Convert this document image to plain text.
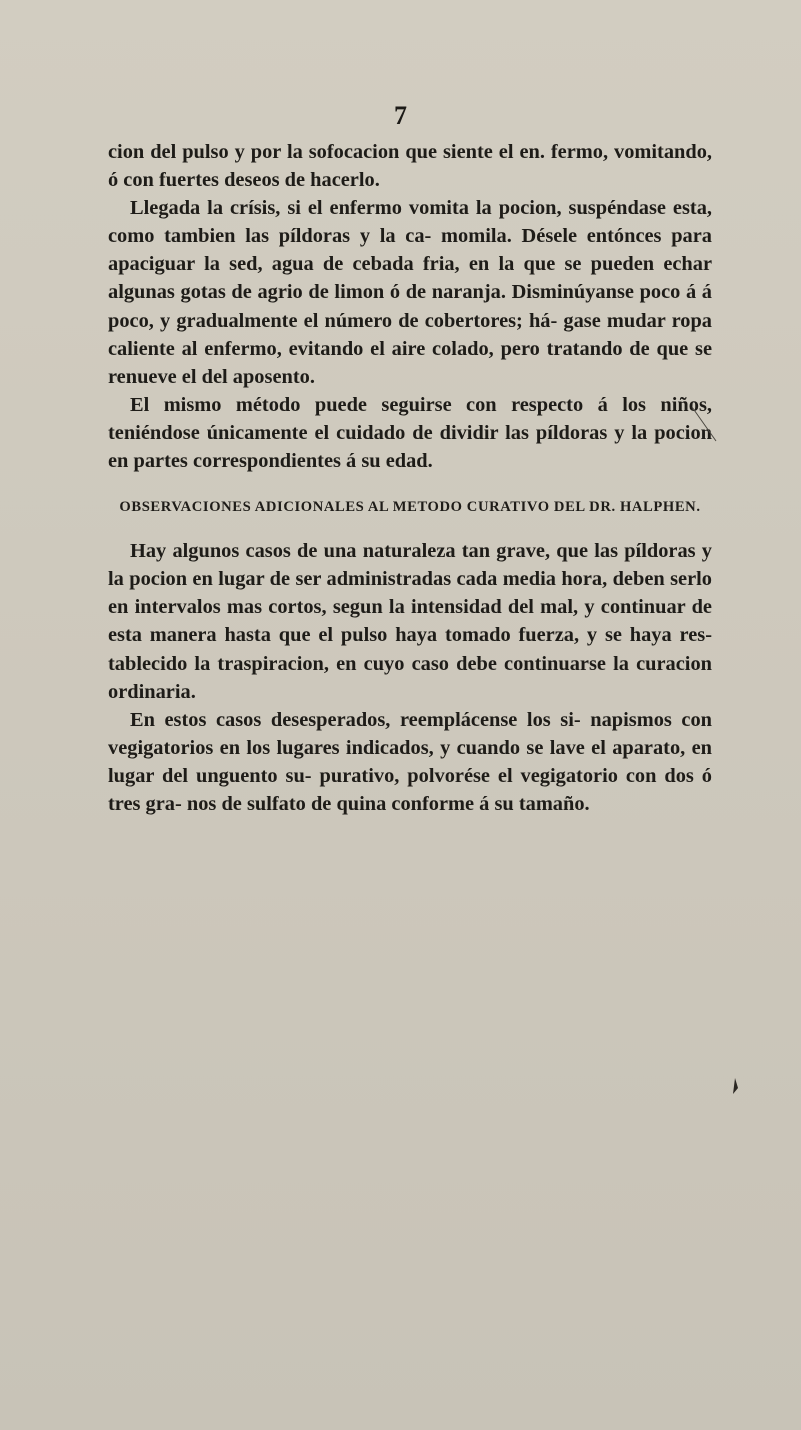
7

cion del pulso y por la sofocacion que siente el en. fermo, vomitando, ó con fuertes deseos de hacerlo.

Llegada la crísis, si el enfermo vomita la pocion, suspéndase esta, como tambien las píldoras y la ca- momila. Désele entónces para apaciguar la sed, agua de cebada fria, en la que se pueden echar algunas gotas de agrio de limon ó de naranja. Disminúyanse poco á á poco, y gradualmente el número de cobertores; há- gase mudar ropa caliente al enfermo, evitando el aire colado, pero tratando de que se renueve el del aposento.

El mismo método puede seguirse con respecto á los niños, teniéndose únicamente el cuidado de dividir las píldoras y la pocion en partes correspondientes á su edad.

OBSERVACIONES ADICIONALES AL METODO CURATIVO DEL DR. HALPHEN.

Hay algunos casos de una naturaleza tan grave, que las píldoras y la pocion en lugar de ser administradas cada media hora, deben serlo en intervalos mas cortos, segun la intensidad del mal, y continuar de esta manera hasta que el pulso haya tomado fuerza, y se haya res- tablecido la traspiracion, en cuyo caso debe continuarse la curacion ordinaria.

En estos casos desesperados, reemplácense los si- napismos con vegigatorios en los lugares indicados, y cuando se lave el aparato, en lugar del unguento su- purativo, polvorése el vegigatorio con dos ó tres gra- nos de sulfato de quina conforme á su tamaño.
